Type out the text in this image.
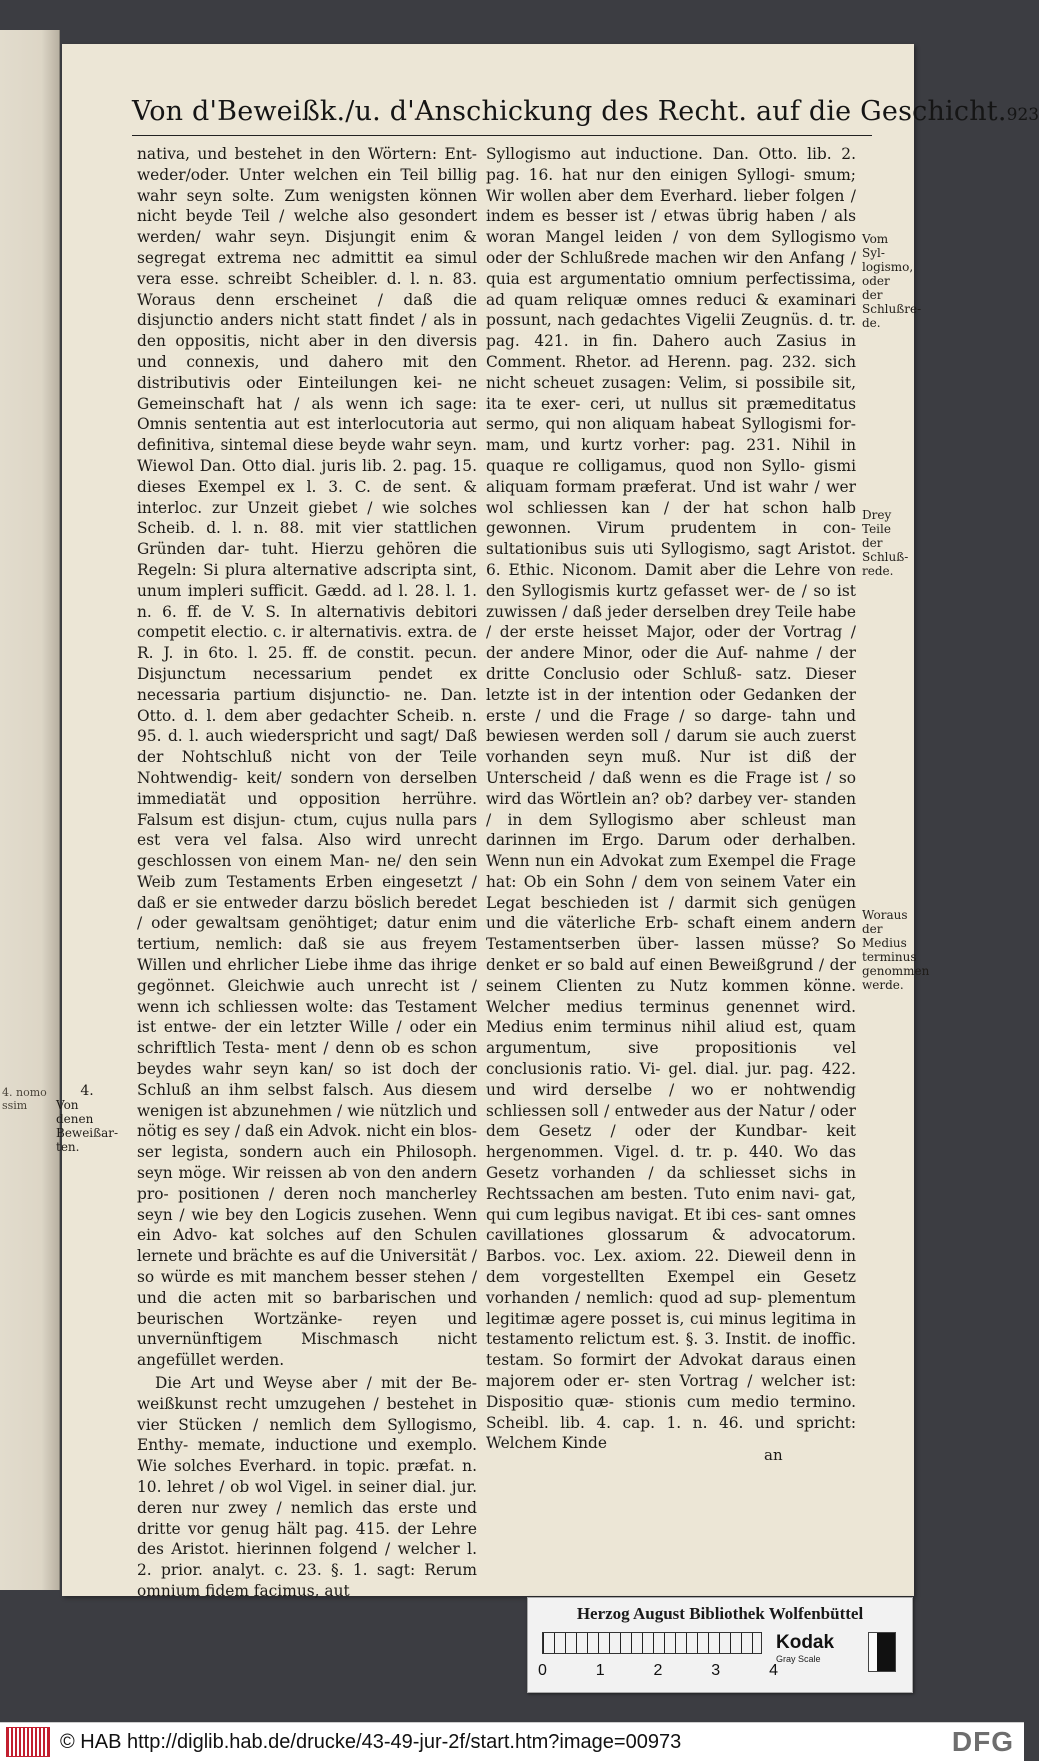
4. nomo ssim
Von d'Beweißk./u. d'Anschickung des Recht. auf die Geschicht. 923

nativa, und bestehet in den Wörtern: Ent- weder/oder. Unter welchen ein Teil billig wahr seyn solte. Zum wenigsten können nicht beyde Teil / welche also gesondert werden/ wahr seyn. Disjungit enim & segregat extrema nec admittit ea simul vera esse. schreibt Scheibler. d. l. n. 83. Woraus denn erscheinet / daß die disjunctio anders nicht statt findet / als in den oppositis, nicht aber in den diversis und connexis, und dahero mit den distributivis oder Einteilungen kei- ne Gemeinschaft hat / als wenn ich sage: Omnis sententia aut est interlocutoria aut definitiva, sintemal diese beyde wahr seyn. Wiewol Dan. Otto dial. juris lib. 2. pag. 15. dieses Exempel ex l. 3. C. de sent. & interloc. zur Unzeit giebet / wie solches Scheib. d. l. n. 88. mit vier stattlichen Gründen dar- tuht. Hierzu gehören die Regeln: Si plura alternative adscripta sint, unum impleri sufficit. Gædd. ad l. 28. l. 1. n. 6. ff. de V. S. In alternativis debitori competit electio. c. ir alternativis. extra. de R. J. in 6to. l. 25. ff. de constit. pecun. Disjunctum necessarium pendet ex necessaria partium disjunctio- ne. Dan. Otto. d. l. dem aber gedachter Scheib. n. 95. d. l. auch wiederspricht und sagt/ Daß der Nohtschluß nicht von der Teile Nohtwendig- keit/ sondern von derselben immediatät und opposition herrühre. Falsum est disjun- ctum, cujus nulla pars est vera vel falsa. Also wird unrecht geschlossen von einem Man- ne/ den sein Weib zum Testaments Erben eingesetzt / daß er sie entweder darzu böslich beredet / oder gewaltsam genöhtiget; datur enim tertium, nemlich: daß sie aus freyem Willen und ehrlicher Liebe ihme das ihrige gegönnet. Gleichwie auch unrecht ist / wenn ich schliessen wolte: das Testament ist entwe- der ein letzter Wille / oder ein schriftlich Testa- ment / denn ob es schon beydes wahr seyn kan/ so ist doch der Schluß an ihm selbst falsch. Aus diesem wenigen ist abzunehmen / wie nützlich und nötig es sey / daß ein Advok. nicht ein blos- ser legista, sondern auch ein Philosoph. seyn möge. Wir reissen ab von den andern pro- positionen / deren noch mancherley seyn / wie bey den Logicis zusehen. Wenn ein Advo- kat solches auf den Schulen lernete und brächte es auf die Universität / so würde es mit manchem besser stehen / und die acten mit so barbarischen und beurischen Wortzänke- reyen und unvernünftigem Mischmasch nicht angefüllet werden.

Die Art und Weyse aber / mit der Be- weißkunst recht umzugehen / bestehet in vier Stücken / nemlich dem Syllogismo, Enthy- memate, inductione und exemplo. Wie solches Everhard. in topic. præfat. n. 10. lehret / ob wol Vigel. in seiner dial. jur. deren nur zwey / nemlich das erste und dritte vor genug hält pag. 415. der Lehre des Aristot. hierinnen folgend / welcher l. 2. prior. analyt. c. 23. §. 1. sagt: Rerum omnium fidem facimus, aut

Syllogismo aut inductione. Dan. Otto. lib. 2. pag. 16. hat nur den einigen Syllogi- smum; Wir wollen aber dem Everhard. lieber folgen / indem es besser ist / etwas übrig haben / als woran Mangel leiden / von dem Syllogismo oder der Schlußrede machen wir den Anfang / quia est argumentatio omnium perfectissima, ad quam reliquæ omnes reduci & examinari possunt, nach gedachtes Vigelii Zeugnüs. d. tr. pag. 421. in fin. Dahero auch Zasius in Comment. Rhetor. ad Herenn. pag. 232. sich nicht scheuet zusagen: Velim, si possibile sit, ita te exer- ceri, ut nullus sit præmeditatus sermo, qui non aliquam habeat Syllogismi for- mam, und kurtz vorher: pag. 231. Nihil in quaque re colligamus, quod non Syllo- gismi aliquam formam præferat. Und ist wahr / wer wol schliessen kan / der hat schon halb gewonnen. Virum prudentem in con- sultationibus suis uti Syllogismo, sagt Aristot. 6. Ethic. Niconom. Damit aber die Lehre von den Syllogismis kurtz gefasset wer- de / so ist zuwissen / daß jeder derselben drey Teile habe / der erste heisset Major, oder der Vortrag / der andere Minor, oder die Auf- nahme / der dritte Conclusio oder Schluß- satz. Dieser letzte ist in der intention oder Gedanken der erste / und die Frage / so darge- tahn und bewiesen werden soll / darum sie auch zuerst vorhanden seyn muß. Nur ist diß der Unterscheid / daß wenn es die Frage ist / so wird das Wörtlein an? ob? darbey ver- standen / in dem Syllogismo aber schleust man darinnen im Ergo. Darum oder derhalben. Wenn nun ein Advokat zum Exempel die Frage hat: Ob ein Sohn / dem von seinem Vater ein Legat beschieden ist / darmit sich genügen und die väterliche Erb- schaft einem andern Testamentserben über- lassen müsse? So denket er so bald auf einen Beweißgrund / der seinem Clienten zu Nutz kommen könne. Welcher medius terminus genennet wird. Medius enim terminus nihil aliud est, quam argumentum, sive propositionis vel conclusionis ratio. Vi- gel. dial. jur. pag. 422. und wird derselbe / wo er nohtwendig schliessen soll / entweder aus der Natur / oder dem Gesetz / oder der Kundbar- keit hergenommen. Vigel. d. tr. p. 440. Wo das Gesetz vorhanden / da schliesset sichs in Rechtssachen am besten. Tuto enim navi- gat, qui cum legibus navigat. Et ibi ces- sant omnes cavillationes glossarum & advocatorum. Barbos. voc. Lex. axiom. 22. Dieweil denn in dem vorgestellten Exempel ein Gesetz vorhanden / nemlich: quod ad sup- plementum legitimæ agere posset is, cui minus legitima in testamento relictum est. §. 3. Instit. de inoffic. testam. So formirt der Advokat daraus einen majorem oder er- sten Vortrag / welcher ist: Dispositio quæ- stionis cum medio termino. Scheibl. lib. 4. cap. 1. n. 46. und spricht: Welchem Kinde

4.
Von denen Beweißar- ten.
Vom Syl- logismo, oder der Schlußre- de.
Drey Teile der Schluß- rede.
Woraus der Medius terminus genommen werde.
an
Herzog August Bibliothek Wolfenbüttel
0	1	2	3	4
Kodak
Gray Scale
© HAB http://diglib.hab.de/drucke/43-49-jur-2f/start.htm?image=00973	DFG
